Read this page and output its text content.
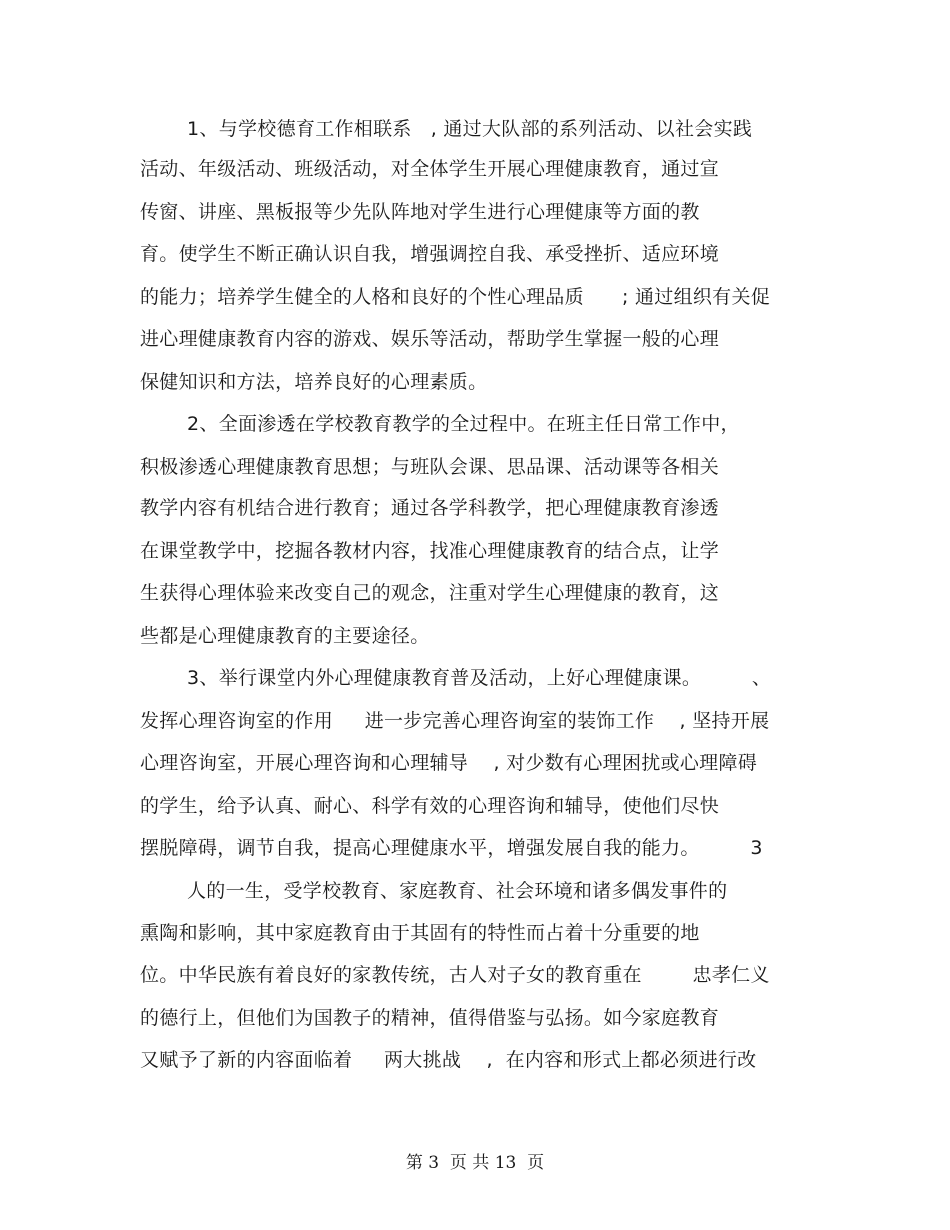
1、与学校德育工作相联系   , 通过大队部的系列活动、以社会实践
活动、年级活动、班级活动，对全体学生开展心理健康教育，通过宣
传窗、讲座、黑板报等少先队阵地对学生进行心理健康等方面的教
育。使学生不断正确认识自我，增强调控自我、承受挫折、适应环境
的能力；培养学生健全的人格和良好的个性心理品质      ; 通过组织有关促
进心理健康教育内容的游戏、娱乐等活动，帮助学生掌握一般的心理
保健知识和方法，培养良好的心理素质。
2、全面渗透在学校教育教学的全过程中。在班主任日常工作中，
积极渗透心理健康教育思想；与班队会课、思品课、活动课等各相关
教学内容有机结合进行教育；通过各学科教学，把心理健康教育渗透
在课堂教学中，挖掘各教材内容，找准心理健康教育的结合点，让学
生获得心理体验来改变自己的观念，注重对学生心理健康的教育，这
些都是心理健康教育的主要途径。
3、举行课堂内外心理健康教育普及活动，上好心理健康课。        、
发挥心理咨询室的作用     进一步完善心理咨询室的装饰工作    , 坚持开展
心理咨询室，开展心理咨询和心理辅导    , 对少数有心理困扰或心理障碍
的学生，给予认真、耐心、科学有效的心理咨询和辅导，使他们尽快
摆脱障碍，调节自我，提高心理健康水平，增强发展自我的能力。        3
人的一生，受学校教育、家庭教育、社会环境和诸多偶发事件的
熏陶和影响，其中家庭教育由于其固有的特性而占着十分重要的地
位。中华民族有着良好的家教传统，古人对子女的教育重在        忠孝仁义
的德行上，但他们为国教子的精神，值得借鉴与弘扬。如今家庭教育
又赋予了新的内容面临着     两大挑战    ,  在内容和形式上都必须进行改
第 3  页 共 13  页
